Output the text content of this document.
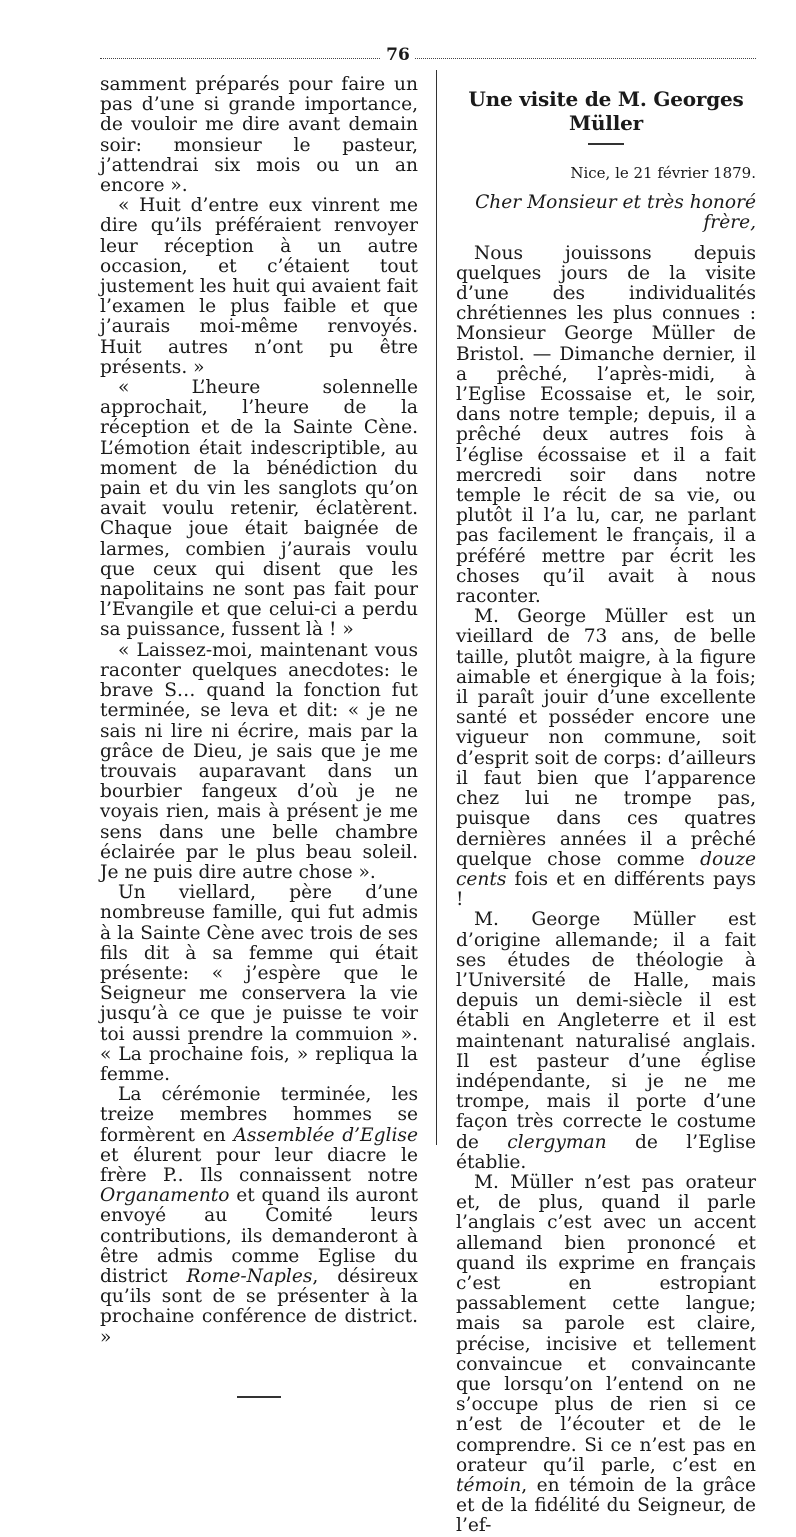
76

samment préparés pour faire un pas d’une si grande importance, de vouloir me dire avant demain soir: monsieur le pasteur, j’attendrai six mois ou un an encore ».

« Huit d’entre eux vinrent me dire qu’ils préféraient renvoyer leur réception à un autre occasion, et c’étaient tout justement les huit qui avaient fait l’examen le plus faible et que j’aurais moi-même renvoyés. Huit autres n’ont pu être présents. »

« L’heure solennelle approchait, l’heure de la réception et de la Sainte Cène. L’émotion était indescriptible, au moment de la bénédiction du pain et du vin les sanglots qu’on avait voulu retenir, éclatèrent. Chaque joue était baignée de larmes, combien j’aurais voulu que ceux qui disent que les napolitains ne sont pas fait pour l’Evangile et que celui-ci a perdu sa puissance, fussent là ! »

« Laissez-moi, maintenant vous raconter quelques anecdotes: le brave S… quand la fonction fut terminée, se leva et dit: « je ne sais ni lire ni écrire, mais par la grâce de Dieu, je sais que je me trouvais auparavant dans un bourbier fangeux d’où je ne voyais rien, mais à présent je me sens dans une belle chambre éclairée par le plus beau soleil. Je ne puis dire autre chose ».

Un viellard, père d’une nombreuse famille, qui fut admis à la Sainte Cène avec trois de ses fils dit à sa femme qui était présente: « j’espère que le Seigneur me conservera la vie jusqu’à ce que je puisse te voir toi aussi prendre la commuion ». « La prochaine fois, » repliqua la femme.

La cérémonie terminée, les treize membres hommes se formèrent en Assemblée d’Eglise et élurent pour leur diacre le frère P.. Ils connaissent notre Organamento et quand ils auront envoyé au Comité leurs contributions, ils demanderont à être admis comme Eglise du district Rome-Naples, désireux qu’ils sont de se présenter à la prochaine conférence de district. »

Une visite de M. Georges Müller
Nice, le 21 février 1879.
Cher Monsieur et très honoré frère,

Nous jouissons depuis quelques jours de la visite d’une des individualités chrétiennes les plus connues : Monsieur George Müller de Bristol. — Dimanche dernier, il a prêché, l’après-midi, à l’Eglise Ecossaise et, le soir, dans notre temple; depuis, il a prêché deux autres fois à l’église écossaise et il a fait mercredi soir dans notre temple le récit de sa vie, ou plutôt il l’a lu, car, ne parlant pas facilement le français, il a préféré mettre par écrit les choses qu’il avait à nous raconter.

M. George Müller est un vieillard de 73 ans, de belle taille, plutôt maigre, à la figure aimable et énergique à la fois; il paraît jouir d’une excellente santé et posséder encore une vigueur non commune, soit d’esprit soit de corps: d’ailleurs il faut bien que l’apparence chez lui ne trompe pas, puisque dans ces quatres dernières années il a prêché quelque chose comme douze cents fois et en différents pays !

M. George Müller est d’origine allemande; il a fait ses études de théologie à l’Université de Halle, mais depuis un demi-siècle il est établi en Angleterre et il est maintenant naturalisé anglais. Il est pasteur d’une église indépendante, si je ne me trompe, mais il porte d’une façon très correcte le costume de clergyman de l’Eglise établie.

M. Müller n’est pas orateur et, de plus, quand il parle l’anglais c’est avec un accent allemand bien prononcé et quand ils exprime en français c’est en estropiant passablement cette langue; mais sa parole est claire, précise, incisive et tellement convaincue et convaincante que lorsqu’on l’entend on ne s’occupe plus de rien si ce n’est de l’écouter et de le comprendre. Si ce n’est pas en orateur qu’il parle, c’est en témoin, en témoin de la grâce et de la fidélité du Seigneur, de l’ef-
